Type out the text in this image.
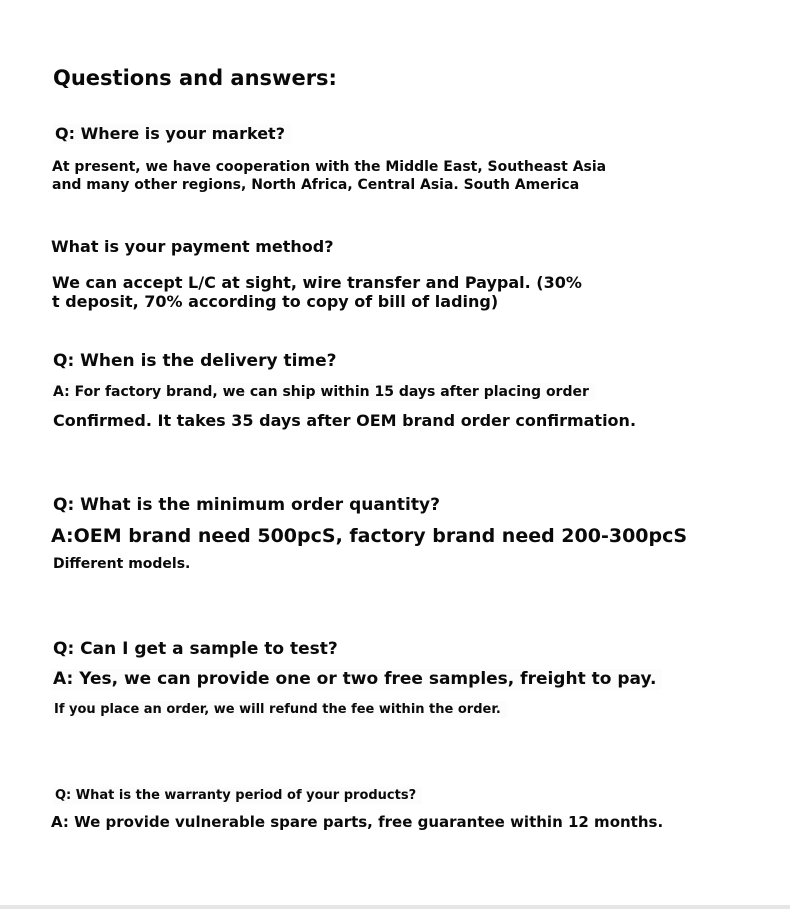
Questions and answers:
Q: Where is your market?
At present, we have cooperation with the Middle East, Southeast Asia
and many other regions, North Africa, Central Asia. South America
What is your payment method?
We can accept L/C at sight, wire transfer and Paypal. (30%
t deposit, 70% according to copy of bill of lading)
Q: When is the delivery time?
A: For factory brand, we can ship within 15 days after placing order
Confirmed. It takes 35 days after OEM brand order confirmation.
Q: What is the minimum order quantity?
A:OEM brand need 500pcS, factory brand need 200-300pcS
Different models.
Q: Can I get a sample to test?
A: Yes, we can provide one or two free samples, freight to pay.
If you place an order, we will refund the fee within the order.
Q: What is the warranty period of your products?
A: We provide vulnerable spare parts, free guarantee within 12 months.
